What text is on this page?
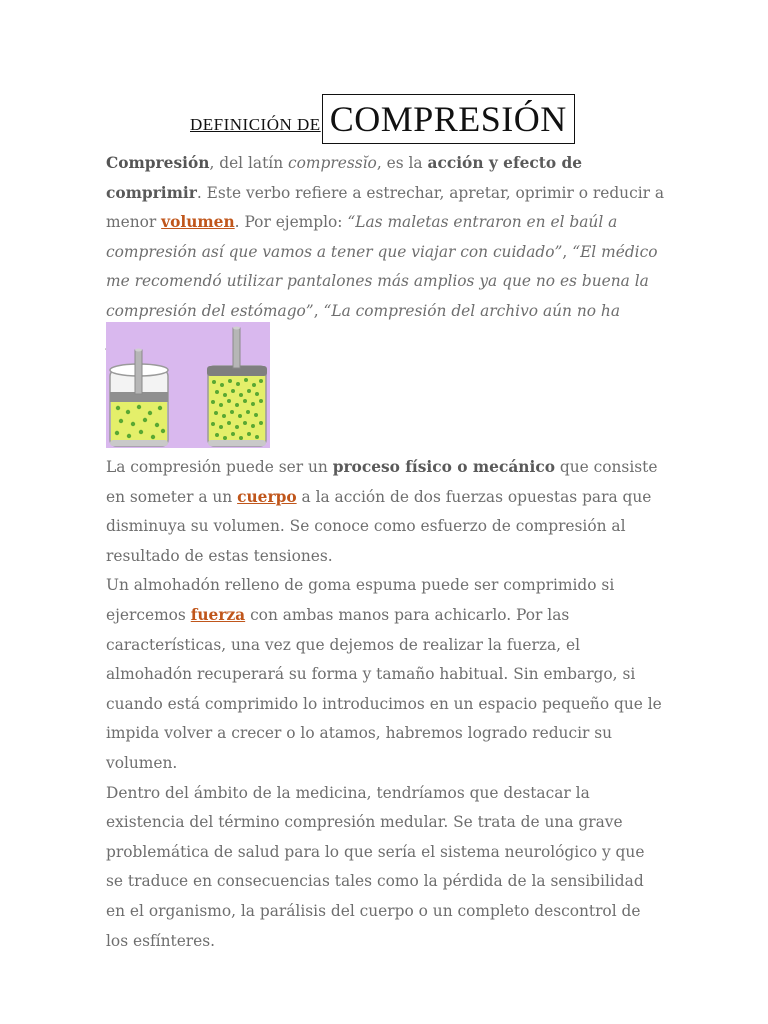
DEFINICIÓN DE COMPRESIÓN
Compresión, del latín compressĭo, es la acción y efecto de comprimir. Este verbo refiere a estrechar, apretar, oprimir o reducir a menor volumen. Por ejemplo: “Las maletas entraron en el baúl a compresión así que vamos a tener que viajar con cuidado”, “El médico me recomendó utilizar pantalones más amplios ya que no es buena la compresión del estómago”, “La compresión del archivo aún no ha
La compresión puede ser un proceso físico o mecánico que consiste en someter a un cuerpo a la acción de dos fuerzas opuestas para que disminuya su volumen. Se conoce como esfuerzo de compresión al resultado de estas tensiones.
Un almohadón relleno de goma espuma puede ser comprimido si ejercemos fuerza con ambas manos para achicarlo. Por las características, una vez que dejemos de realizar la fuerza, el almohadón recuperará su forma y tamaño habitual. Sin embargo, si cuando está comprimido lo introducimos en un espacio pequeño que le impida volver a crecer o lo atamos, habremos logrado reducir su volumen.
Dentro del ámbito de la medicina, tendríamos que destacar la existencia del término compresión medular. Se trata de una grave problemática de salud para lo que sería el sistema neurológico y que se traduce en consecuencias tales como la pérdida de la sensibilidad en el organismo, la parálisis del cuerpo o un completo descontrol de los esfínteres.
